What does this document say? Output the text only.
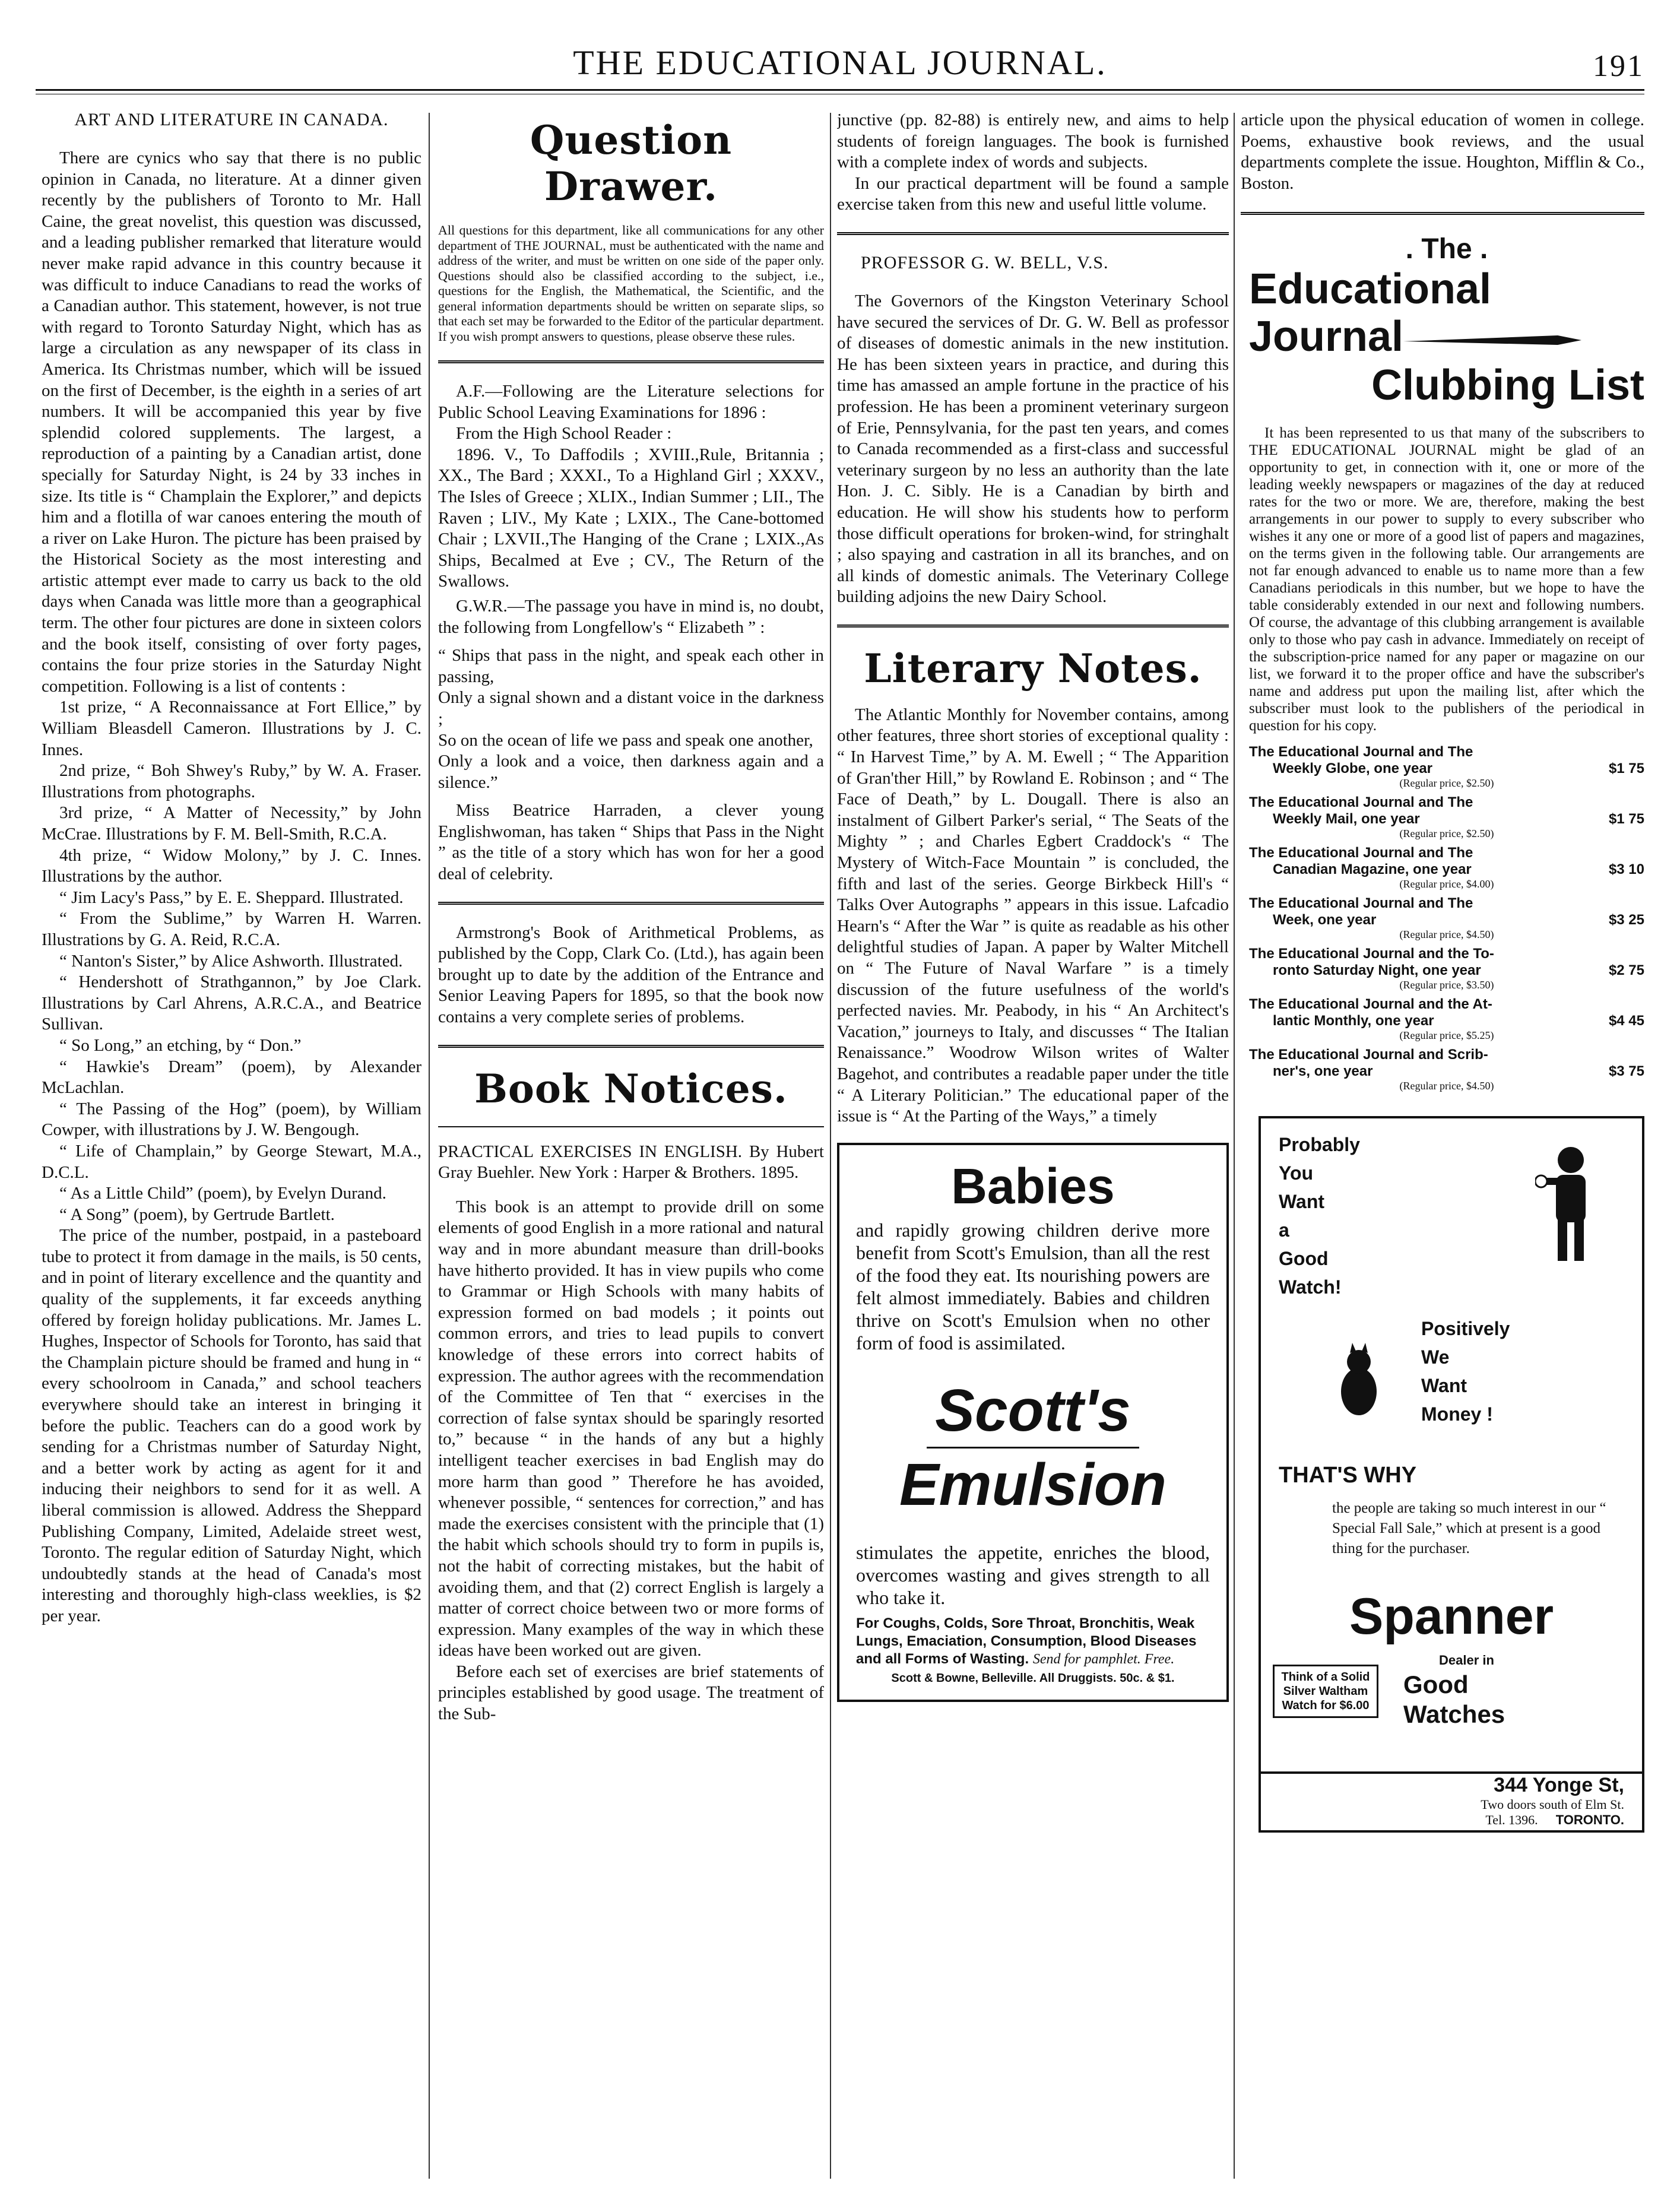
THE EDUCATIONAL JOURNAL.	191
ART AND LITERATURE IN CANADA.

There are cynics who say that there is no public opinion in Canada, no literature. At a dinner given recently by the publishers of Toronto to Mr. Hall Caine, the great novelist, this question was discussed, and a leading publisher remarked that literature would never make rapid advance in this country because it was difficult to induce Canadians to read the works of a Canadian author. This statement, however, is not true with regard to Toronto Saturday Night, which has as large a circulation as any newspaper of its class in America. Its Christmas number, which will be issued on the first of December, is the eighth in a series of art numbers. It will be accompanied this year by five splendid colored supplements. The largest, a reproduction of a painting by a Canadian artist, done specially for Saturday Night, is 24 by 33 inches in size. Its title is “ Champlain the Explorer,” and depicts him and a flotilla of war canoes entering the mouth of a river on Lake Huron. The picture has been praised by the Historical Society as the most interesting and artistic attempt ever made to carry us back to the old days when Canada was little more than a geographical term. The other four pictures are done in sixteen colors and the book itself, consisting of over forty pages, contains the four prize stories in the Saturday Night competition. Following is a list of contents :

1st prize, “ A Reconnaissance at Fort Ellice,” by William Bleasdell Cameron. Illustrations by J. C. Innes.

2nd prize, “ Boh Shwey's Ruby,” by W. A. Fraser. Illustrations from photographs.

3rd prize, “ A Matter of Necessity,” by John McCrae. Illustrations by F. M. Bell-Smith, R.C.A.

4th prize, “ Widow Molony,” by J. C. Innes. Illustrations by the author.

“ Jim Lacy's Pass,” by E. E. Sheppard. Illustrated.

“ From the Sublime,” by Warren H. Warren. Illustrations by G. A. Reid, R.C.A.

“ Nanton's Sister,” by Alice Ashworth. Illustrated.

“ Hendershott of Strathgannon,” by Joe Clark. Illustrations by Carl Ahrens, A.R.C.A., and Beatrice Sullivan.

“ So Long,” an etching, by “ Don.”

“ Hawkie's Dream” (poem), by Alexander McLachlan.

“ The Passing of the Hog” (poem), by William Cowper, with illustrations by J. W. Bengough.

“ Life of Champlain,” by George Stewart, M.A., D.C.L.

“ As a Little Child” (poem), by Evelyn Durand.

“ A Song” (poem), by Gertrude Bartlett.

The price of the number, postpaid, in a pasteboard tube to protect it from damage in the mails, is 50 cents, and in point of literary excellence and the quantity and quality of the supplements, it far exceeds anything offered by foreign holiday publications. Mr. James L. Hughes, Inspector of Schools for Toronto, has said that the Champlain picture should be framed and hung in “ every schoolroom in Canada,” and school teachers everywhere should take an interest in bringing it before the public. Teachers can do a good work by sending for a Christmas number of Saturday Night, and a better work by acting as agent for it and inducing their neighbors to send for it as well. A liberal commission is allowed. Address the Sheppard Publishing Company, Limited, Adelaide street west, Toronto. The regular edition of Saturday Night, which undoubtedly stands at the head of Canada's most interesting and thoroughly high-class weeklies, is $2 per year.

Question Drawer.
All questions for this department, like all communications for any other department of THE JOURNAL, must be authenticated with the name and address of the writer, and must be written on one side of the paper only. Questions should also be classified according to the subject, i.e., questions for the English, the Mathematical, the Scientific, and the general information departments should be written on separate slips, so that each set may be forwarded to the Editor of the particular department. If you wish prompt answers to questions, please observe these rules.

A.F.—Following are the Literature selections for Public School Leaving Examinations for 1896 :

From the High School Reader :

1896. V., To Daffodils ; XVIII.,Rule, Britannia ; XX., The Bard ; XXXI., To a Highland Girl ; XXXV., The Isles of Greece ; XLIX., Indian Summer ; LII., The Raven ; LIV., My Kate ; LXIX., The Cane-bottomed Chair ; LXVII.,The Hanging of the Crane ; LXIX.,As Ships, Becalmed at Eve ; CV., The Return of the Swallows.

G.W.R.—The passage you have in mind is, no doubt, the following from Longfellow's “ Elizabeth ” :

“ Ships that pass in the night, and speak each other in passing,
Only a signal shown and a distant voice in the darkness ;
So on the ocean of life we pass and speak one another,
Only a look and a voice, then darkness again and a silence.”

Miss Beatrice Harraden, a clever young Englishwoman, has taken “ Ships that Pass in the Night ” as the title of a story which has won for her a good deal of celebrity.

Armstrong's Book of Arithmetical Problems, as published by the Copp, Clark Co. (Ltd.), has again been brought up to date by the addition of the Entrance and Senior Leaving Papers for 1895, so that the book now contains a very complete series of problems.

Book Notices.
PRACTICAL EXERCISES IN ENGLISH. By Hubert Gray Buehler. New York : Harper & Brothers. 1895.

This book is an attempt to provide drill on some elements of good English in a more rational and natural way and in more abundant measure than drill-books have hitherto provided. It has in view pupils who come to Grammar or High Schools with many habits of expression formed on bad models ; it points out common errors, and tries to lead pupils to convert knowledge of these errors into correct habits of expression. The author agrees with the recommendation of the Committee of Ten that “ exercises in the correction of false syntax should be sparingly resorted to,” because “ in the hands of any but a highly intelligent teacher exercises in bad English may do more harm than good ” Therefore he has avoided, whenever possible, “ sentences for correction,” and has made the exercises consistent with the principle that (1) the habit which schools should try to form in pupils is, not the habit of correcting mistakes, but the habit of avoiding them, and that (2) correct English is largely a matter of correct choice between two or more forms of expression. Many examples of the way in which these ideas have been worked out are given.

Before each set of exercises are brief statements of principles established by good usage. The treatment of the Sub-

junctive (pp. 82-88) is entirely new, and aims to help students of foreign languages. The book is furnished with a complete index of words and subjects.

In our practical department will be found a sample exercise taken from this new and useful little volume.

PROFESSOR G. W. BELL, V.S.

The Governors of the Kingston Veterinary School have secured the services of Dr. G. W. Bell as professor of diseases of domestic animals in the new institution. He has been sixteen years in practice, and during this time has amassed an ample fortune in the practice of his profession. He has been a prominent veterinary surgeon of Erie, Pennsylvania, for the past ten years, and comes to Canada recommended as a first-class and successful veterinary surgeon by no less an authority than the late Hon. J. C. Sibly. He is a Canadian by birth and education. He will show his students how to perform those difficult operations for broken-wind, for stringhalt ; also spaying and castration in all its branches, and on all kinds of domestic animals. The Veterinary College building adjoins the new Dairy School.

Literary Notes.

The Atlantic Monthly for November contains, among other features, three short stories of exceptional quality : “ In Harvest Time,” by A. M. Ewell ; “ The Apparition of Gran'ther Hill,” by Rowland E. Robinson ; and “ The Face of Death,” by L. Dougall. There is also an instalment of Gilbert Parker's serial, “ The Seats of the Mighty ” ; and Charles Egbert Craddock's “ The Mystery of Witch-Face Mountain ” is concluded, the fifth and last of the series. George Birkbeck Hill's “ Talks Over Autographs ” appears in this issue. Lafcadio Hearn's “ After the War ” is quite as readable as his other delightful studies of Japan. A paper by Walter Mitchell on “ The Future of Naval Warfare ” is a timely discussion of the future usefulness of the world's perfected navies. Mr. Peabody, in his “ An Architect's Vacation,” journeys to Italy, and discusses “ The Italian Renaissance.” Woodrow Wilson writes of Walter Bagehot, and contributes a readable paper under the title “ A Literary Politician.” The educational paper of the issue is “ At the Parting of the Ways,” a timely

Babies
and rapidly growing children derive more benefit from Scott's Emulsion, than all the rest of the food they eat. Its nourishing powers are felt almost immediately. Babies and children thrive on Scott's Emulsion when no other form of food is assimilated.
Scott's
Emulsion
stimulates the appetite, enriches the blood, overcomes wasting and gives strength to all who take it.
For Coughs, Colds, Sore Throat, Bronchitis, Weak Lungs, Emaciation, Consumption, Blood Diseases and all Forms of Wasting. Send for pamphlet. Free.
Scott & Bowne, Belleville. All Druggists. 50c. & $1.
article upon the physical education of women in college. Poems, exhaustive book reviews, and the usual departments complete the issue. Houghton, Mifflin & Co., Boston.
. The .
Educational
Journal
Clubbing List
It has been represented to us that many of the subscribers to THE EDUCATIONAL JOURNAL might be glad of an opportunity to get, in connection with it, one or more of the leading weekly newspapers or magazines of the day at reduced rates for the two or more. We are, therefore, making the best arrangements in our power to supply to every subscriber who wishes it any one or more of a good list of papers and magazines, on the terms given in the following table. Our arrangements are not far enough advanced to enable us to name more than a few Canadians periodicals in this number, but we hope to have the table considerably extended in our next and following numbers. Of course, the advantage of this clubbing arrangement is available only to those who pay cash in advance. Immediately on receipt of the subscription-price named for any paper or magazine on our list, we forward it to the proper office and have the subscriber's name and address put upon the mailing list, after which the subscriber must look to the publishers of the periodical in question for his copy.
The Educational Journal and The
Weekly Globe, one year	$1 75
(Regular price, $2.50)
The Educational Journal and The
Weekly Mail, one year	$1 75
(Regular price, $2.50)
The Educational Journal and The
Canadian Magazine, one year	$3 10
(Regular price, $4.00)
The Educational Journal and The
Week, one year	$3 25
(Regular price, $4.50)
The Educational Journal and the To-
ronto Saturday Night, one year	$2 75
(Regular price, $3.50)
The Educational Journal and the At-
lantic Monthly, one year	$4 45
(Regular price, $5.25)
The Educational Journal and Scrib-
ner's, one year	$3 75
(Regular price, $4.50)
Probably
You
Want
a
Good
Watch!
Positively
We
Want
Money !
THAT'S WHY
the people are taking so much interest in our “ Special Fall Sale,” which at present is a good thing for the purchaser.
Spanner
Dealer in
Think of a Solid Silver Waltham Watch for $6.00
Good
Watches
344 Yonge St,
Two doors south of Elm St.
Tel. 1396. TORONTO.
